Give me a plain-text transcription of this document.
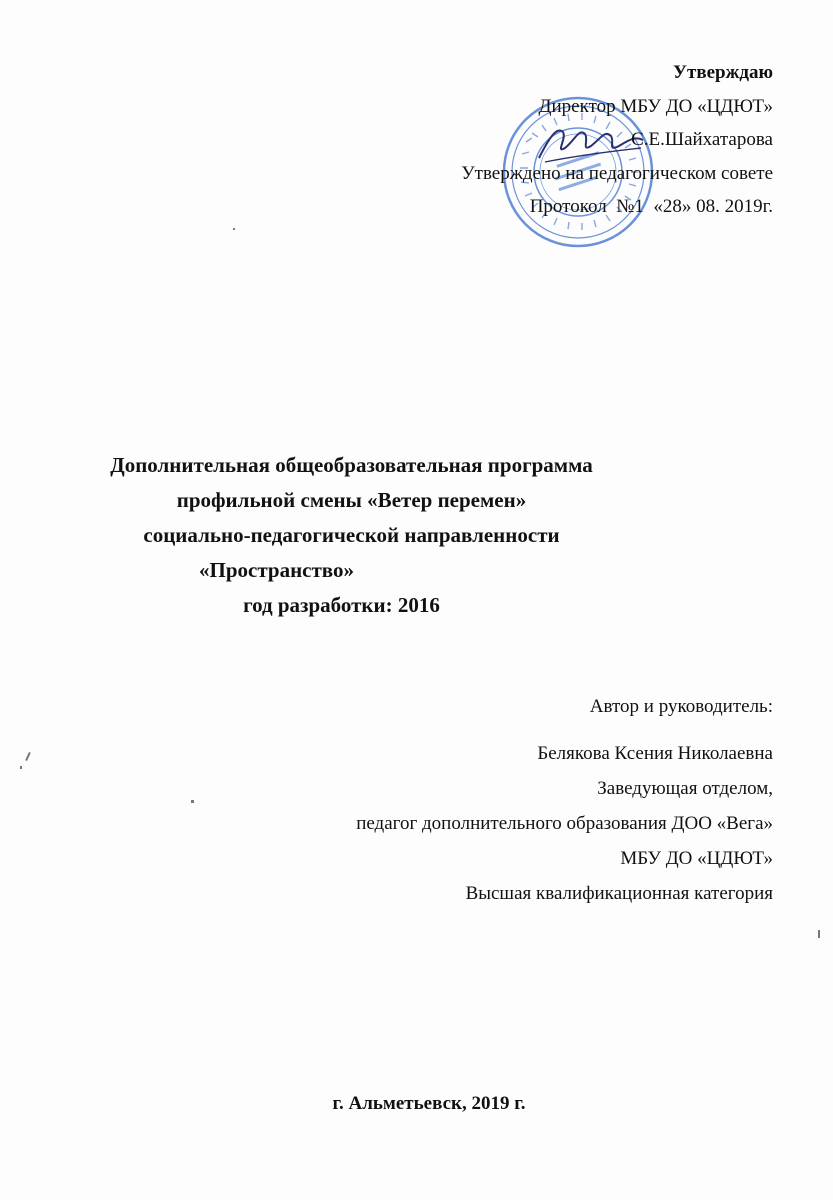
Утверждаю
Директор МБУ ДО «ЦДЮТ»
С.Е.Шайхатарова
Утверждено на педагогическом совете
Протокол  №1  «28» 08. 2019г.
Дополнительная общеобразовательная программа
профильной смены «Ветер перемен»
социально-педагогической направленности
«Пространство»
год разработки: 2016
Автор и руководитель:
Белякова Ксения Николаевна
Заведующая отделом,
педагог дополнительного образования ДОО «Вега»
МБУ ДО «ЦДЮТ»
Высшая квалификационная категория
г. Альметьевск, 2019 г.
